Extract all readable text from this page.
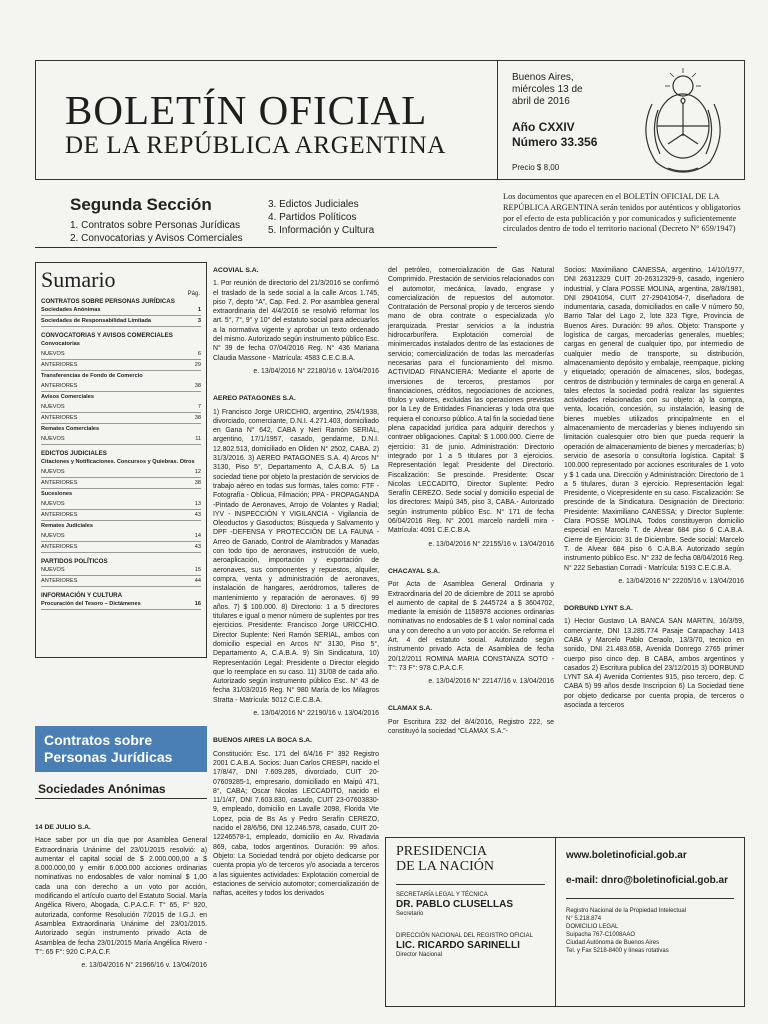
BOLETÍN OFICIAL
DE LA REPÚBLICA ARGENTINA
Buenos Aires, miércoles 13 de abril de 2016
Año CXXIV
Número 33.356
Precio $ 8,00
Segunda Sección
1. Contratos sobre Personas Jurídicas
2. Convocatorias y Avisos Comerciales
3. Edictos Judiciales
4. Partidos Políticos
5. Información y Cultura
Los documentos que aparecen en el BOLETÍN OFICIAL DE LA REPÚBLICA ARGENTINA serán tenidos por auténticos y obligatorios por el efecto de esta publicación y por comunicados y suficientemente circulados dentro de todo el territorio nacional (Decreto N° 659/1947)
Sumario
Pág.
CONTRATOS SOBRE PERSONAS JURÍDICAS
Sociedades Anónimas	1
Sociedades de Responsabilidad Limitada	3
CONVOCATORIAS Y AVISOS COMERCIALES
Convocatorias
NUEVOS	6
ANTERIORES	29
Transferencias de Fondo de Comercio
ANTERIORES	38
Avisos Comerciales
NUEVOS	7
ANTERIORES	38
Remates Comerciales
NUEVOS	11
EDICTOS JUDICIALES
Citaciones y Notificaciones. Concursos y Quiebras. Otros
NUEVOS	12
ANTERIORES	38
Sucesiones
NUEVOS	13
ANTERIORES	43
Remates Judiciales
NUEVOS	14
ANTERIORES	43
PARTIDOS POLÍTICOS
NUEVOS	15
ANTERIORES	44
INFORMACIÓN Y CULTURA
Procuración del Tesoro – Dictámenes	16
Contratos sobre
Personas Jurídicas
Sociedades Anónimas
14 DE JULIO S.A.
Hace saber por un día que por Asamblea General Extraordinaria Unánime del 23/01/2015 resolvió: a) aumentar el capital social de $ 2.000.000,00 a $ 8.000.000,00 y emitir 6.000.000 acciones ordinarias nominativas no endosables de valor nominal $ 1,00 cada una con derecho a un voto por acción, modificando el artículo cuarto del Estatuto Social. María Angélica Rivero, Abogada, C.P.A.C.F. T° 65, F° 920, autorizada, conforme Resolución 7/2015 de I.G.J. en Asamblea Extraordinaria Unánime del 23/01/2015. Autorizado según instrumento privado Acta de Asamblea de fecha 23/01/2015 María Angélica Rivero - T°: 65 F°: 920 C.P.A.C.F.
e. 13/04/2016 N° 21966/16 v. 13/04/2016
ACOVIAL S.A.
1. Por reunión de directorio del 21/3/2016 se confirmó el traslado de la sede social a la calle Arcos 1.745, piso 7, depto “A”, Cap. Fed. 2. Por asamblea general extraordinaria del 4/4/2016 se resolvió reformar los art. 5°, 7°, 9° y 10° del estatuto social para adecuarlos a la normativa vigente y aprobar un texto ordenado del mismo. Autorizado según instrumento público Esc. N° 39 de fecha 07/04/2016 Reg. N° 436 Mariana Claudia Massone - Matrícula: 4583 C.E.C.B.A.
e. 13/04/2016 N° 22180/16 v. 13/04/2016
AEREO PATAGONES S.A.
1) Francisco Jorge URICCHIO, argentino, 25/4/1938, divorciado, comerciante, D.N.I. 4.271.403, domiciliado en Gana N° 642, CABA y Neri Ramón SERIAL, argentino, 17/1/1957, casado, gendarme, D.N.I. 12.802.513, domiciliado en Oliden N° 2502, CABA. 2) 31/3/2016. 3) AEREO PATAGONES S.A. 4) Arcos N° 3130, Piso 5°, Departamento A, C.A.B.A. 5) La sociedad tiene por objeto la prestación de servicios de trabajo aéreo en todas sus formas, tales como: FTF - Fotografía - Oblicua, Filmación; PPA - PROPAGANDA -Pintado de Aeronaves, Arrojo de Volantes y Radial; IYV - INSPECCIÓN Y VIGILANCIA - Vigilancia de Oleoductos y Gasoductos; Búsqueda y Salvamento y DPF -DEFENSA Y PROTECCIÓN DE LA FAUNA - Arreo de Ganado, Control de Alambrados y Manadas con todo tipo de aeronaves, instrucción de vuelo, aeroaplicación, importación y exportación de aeronaves, sus componentes y repuestos, alquiler, compra, venta y administración de aeronaves, instalación de hangares, aeródromos, talleres de mantenimiento y reparación de aeronaves. 6) 99 años. 7) $ 100.000. 8) Directorio: 1 a 5 directores titulares e igual o menor número de suplentes por tres ejercicios. Presidente: Francisco Jorge URICCHIO. Director Suplente: Neri Ramón SERIAL, ambos con domicilio especial en Arcos N° 3130, Piso 5°, Departamento A, C.A.B.A. 9) Sin Sindicatura, 10) Representación Legal: Presidente o Director elegido que lo reemplace en su caso. 11) 31/08 de cada año. Autorizado según instrumento público Esc. N° 43 de fecha 31/03/2016 Reg. N° 980 María de los Milagros Stratta - Matrícula: 5012 C.E.C.B.A.
e. 13/04/2016 N° 22190/16 v. 13/04/2016
BUENOS AIRES LA BOCA S.A.
Constitución: Esc. 171 del 6/4/16 F° 392 Registro 2001 C.A.B.A. Socios: Juan Carlos CRESPI, nacido el 17/8/47, DNI 7.609.285, divorciado, CUIT 20-07609285-1, empresario, domiciliado en Maipú 471, 8°, CABA; Oscar Nicolas LECCADITO, nacido el 11/1/47, DNI 7.603.830, casado, CUIT 23-07603830-9, empleado, domicilio en Lavalle 2098, Florida Vte Lopez, pcia de Bs As y Pedro Serafín CEREZO, nacido el 28/6/56, DNI 12.246.578, casado, CUIT 20-12246578-1, empleado, domicilio en Av. Rivadavia 869, caba, todos argentinos. Duración: 99 años. Objeto: La Sociedad tendrá por objeto dedicarse por cuenta propia y/o de terceros y/o asociada a terceros a las siguientes actividades: Explotación comercial de estaciones de servicio automotor; comercialización de naftas, aceites y todos los derivados
del petróleo, comercialización de Gas Natural Comprimido. Prestación de servicios relacionados con el automotor, mecánica, lavado, engrase y comercialización de repuestos del automotor. Contratación de Personal propio y de terceros siendo mano de obra contrate o especializada y/o jerarquizada. Prestar servicios a la industria hidrocarburífera. Explotación comercial de minimercados instalados dentro de las estaciones de servicio; comercialización de todas las mercaderías necesarias para el funcionamiento del mismo. ACTIVIDAD FINANCIERA: Mediante el aporte de inversiones de terceros, prestamos por financiaciones, créditos, negociaciones de acciones, títulos y valores, excluidas las operaciones previstas por la Ley de Entidades Financieras y toda otra que requiera el concurso público. A tal fin la sociedad tiene plena capacidad jurídica para adquirir derechos y contraer obligaciones. Capital: $ 1.000.000. Cierre de ejercicio: 31 de junio. Administración: Directorio integrado por 1 a 5 titulares por 3 ejercicios. Representación legal: Presidente del Directorio. Fiscalización: Se prescinde. Presidente: Oscar Nicolas LECCADITO, Director Suplente: Pedro Serafín CEREZO. Sede social y domicilio especial de los directores: Maipú 345, piso 3, CABA.- Autorizado según instrumento público Esc. N° 171 de fecha 06/04/2016 Reg. N° 2001 marcelo nardelli mira - Matrícula: 4091 C.E.C.B.A.
e. 13/04/2016 N° 22155/16 v. 13/04/2016
CHACAYAL S.A.
Por Acta de Asamblea General Ordinaria y Extraordinaria del 20 de diciembre de 2011 se aprobó el aumento de capital de $ 2445724 a $ 3604702, mediante la emisión de 1158978 acciones ordinarias nominativas no endosables de $ 1 valor nominal cada una y con derecho a un voto por acción. Se reforma el Art. 4 del estatuto social. Autorizado según instrumento privado Acta de Asamblea de fecha 20/12/2011 ROMINA MARIA CONSTANZA SOTO - T°: 73 F°: 978 C.P.A.C.F.
e. 13/04/2016 N° 22147/16 v. 13/04/2016
CLAMAX S.A.
Por Escritura 232 del 8/4/2016, Registro 222, se constituyó la sociedad “CLAMAX S.A.”-
Socios: Maximiliano CANESSA, argentino, 14/10/1977, DNI 26312329 CUIT 20-26312329-9, casado, ingeniero industrial, y Clara POSSE MOLINA, argentina, 28/8/1981, DNI 29041054, CUIT 27-29041054-7, diseñadora de indumentaria, casada, domiciliados en calle V número 50, Barrio Talar del Lago 2, lote 323 Tigre, Provincia de Buenos Aires. Duración: 99 años. Objeto: Transporte y logística de cargas, mercaderías generales, muebles; cargas en general de cualquier tipo, por intermedio de cualquier medio de transporte, su distribución, almacenamiento depósito y embalaje, reempaque, picking y etiquetado; operación de almacenes, silos, bodegas, centros de distribución y terminales de carga en general. A tales efectos la sociedad podrá realizar las siguientes actividades relacionadas con su objeto: a) la compra, venta, locación, concesión, su instalación, leasing de bienes muebles utilizados principalmente en el almacenamiento de mercaderías y bienes incluyendo sin limitación cualesquier otro bien que pueda requerir la operación de almacenamiento de bienes y mercaderías; b) servicio de asesoría o consultoría logística. Capital: $ 100.000 representado por acciones escriturales de 1 voto y $ 1 cada una. Dirección y Administración: Directorio de 1 a 5 titulares, duran 3 ejercicio. Representación legal: Presidente, o Vicepresidente en su caso. Fiscalización: Se prescinde de la Sindicatura. Designación de Directorio: Presidente: Maximiliano CANESSA; y Director Suplente: Clara POSSE MOLINA. Todos constituyeron domicilio especial en Marcelo T. de Alvear 684 piso 6 C.A.B.A. Cierre de Ejercicio: 31 de Diciembre. Sede social: Marcelo T. de Alvear 684 piso 6 C.A.B.A Autorizado según instrumento público Esc. N° 232 de fecha 08/04/2016 Reg. N° 222 Sebastian Corradi - Matrícula: 5193 C.E.C.B.A.
e. 13/04/2016 N° 22205/16 v. 13/04/2016
DORBUND LYNT S.A.
1) Hector Gustavo LA BANCA SAN MARTIN, 16/3/59, comerciante, DNI 13.285.774 Pasaje Carapachay 1413 CABA y Marcelo Pablo Ceraolo, 13/3/70, tecnico en sonido, DNI 21.483.658, Avenida Donrego 2765 primer cuerpo piso cinco dep. B CABA, ambos argentinos y casados 2) Escritura publica del 23/12/2015 3) DORBUND LYNT SA 4) Avenida Corrientes 915, piso tercero, dep. C CABA 5) 99 años desde Inscripcion 6) La Sociedad tiene por objeto dedicarse por cuenta propia, de terceros o asociada a terceros
PRESIDENCIA
DE LA NACIÓN
SECRETARÍA LEGAL Y TÉCNICA
DR. PABLO CLUSELLAS
Secretario
DIRECCIÓN NACIONAL DEL REGISTRO OFICIAL
LIC. RICARDO SARINELLI
Director Nacional
www.boletinoficial.gob.ar
e-mail: dnro@boletinoficial.gob.ar
Registro Nacional de la Propiedad Intelectual
N° 5.218.874
DOMICILIO LEGAL
Suipacha 767-C1008AAO
Ciudad Autónoma de Buenos Aires
Tel. y Fax 5218-8400 y líneas rotativas
